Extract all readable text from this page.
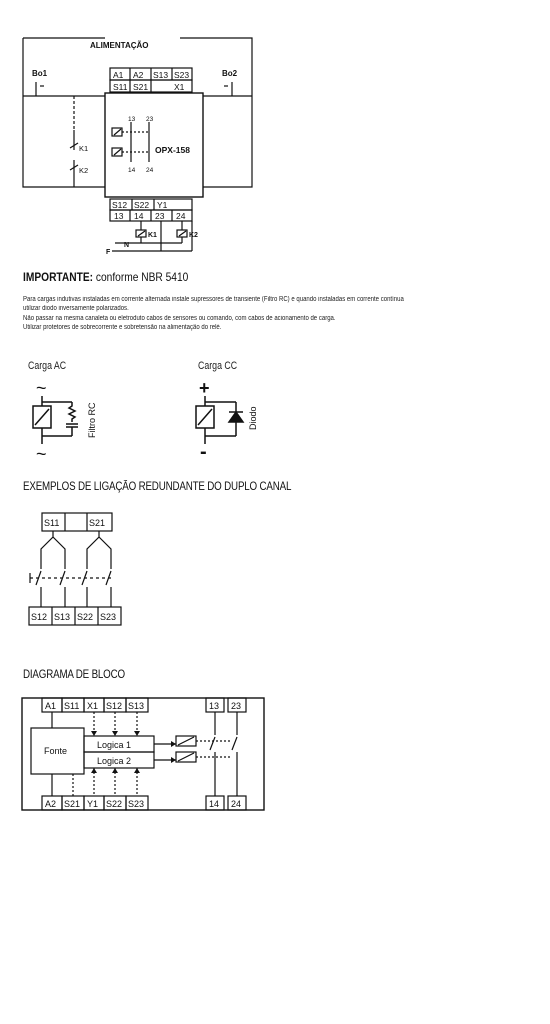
ALIMENTAÇÃO
Bo1	Bo2
A1 A2 S13 S23
S11 S21	X1
K1
K2
OPX-158
13 23
14 24
S12 S22 Y1
13 14 23 24
K1	K2
N
F
IMPORTANTE: conforme NBR 5410

Para cargas indutivas instaladas em corrente alternada instale supressores de transiente (Filtro RC) e quando instaladas em corrente contínua

utilizar diodo inversamente polarizados.

Não passar na mesma canaleta ou eletroduto cabos de sensores ou comando, com cabos de acionamento de carga.

Utilizar protetores de sobrecorrente e sobretensão na alimentação do relé.

Carga AC	Carga CC
~
~
Filtro RC
+
-
Diodo
EXEMPLOS DE LIGAÇÃO REDUNDANTE DO DUPLO CANAL
S11	S21
S12 S13 S22 S23
DIAGRAMA DE BLOCO
A1 S11 X1 S12 S13	13 23
Fonte
Logica 1
Logica 2
A2 S21 Y1 S22 S23	14 24
